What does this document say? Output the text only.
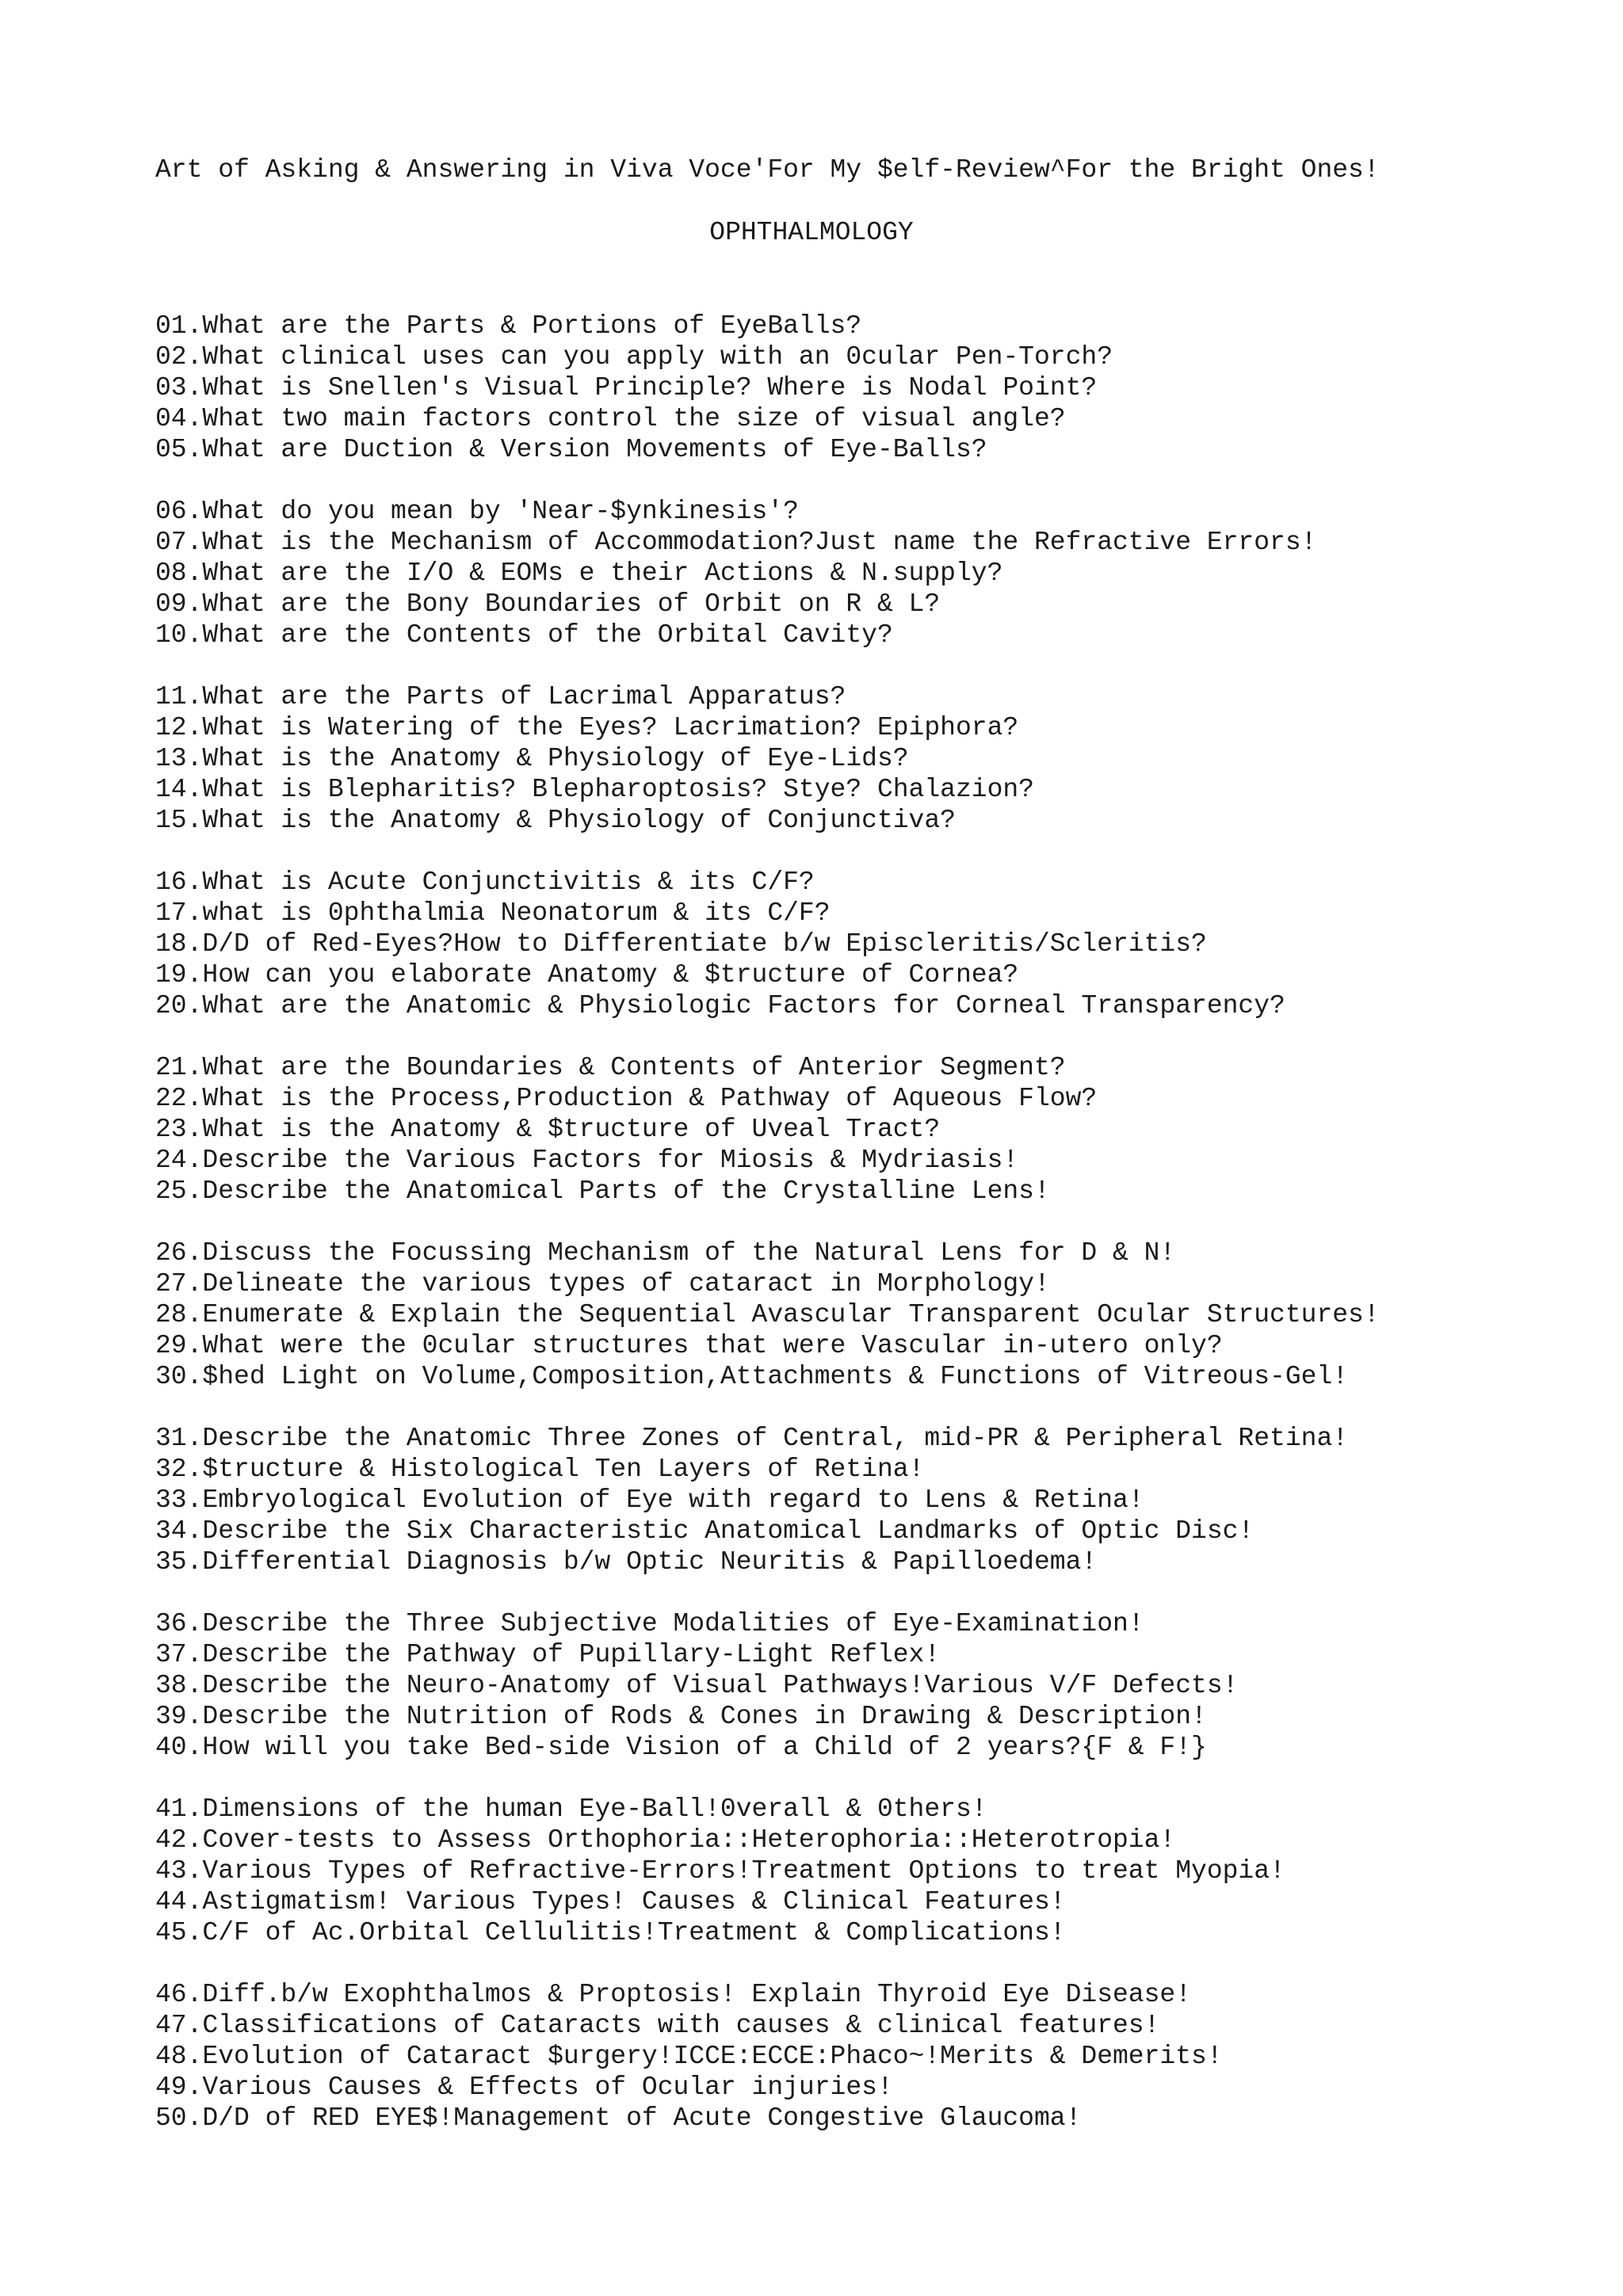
Art of Asking & Answering in Viva Voce'For My $elf-Review^For the Bright Ones!
OPHTHALMOLOGY
01.What are the Parts & Portions of EyeBalls?
02.What clinical uses can you apply with an 0cular Pen-Torch?
03.What is Snellen's Visual Principle? Where is Nodal Point?
04.What two main factors control the size of visual angle?
05.What are Duction & Version Movements of Eye-Balls?
06.What do you mean by 'Near-$ynkinesis'?
07.What is the Mechanism of Accommodation?Just name the Refractive Errors!
08.What are the I/O & EOMs e their Actions & N.supply?
09.What are the Bony Boundaries of Orbit on R & L?
10.What are the Contents of the Orbital Cavity?
11.What are the Parts of Lacrimal Apparatus?
12.What is Watering of the Eyes? Lacrimation? Epiphora?
13.What is the Anatomy & Physiology of Eye-Lids?
14.What is Blepharitis? Blepharoptosis? Stye? Chalazion?
15.What is the Anatomy & Physiology of Conjunctiva?
16.What is Acute Conjunctivitis & its C/F?
17.what is 0phthalmia Neonatorum & its C/F?
18.D/D of Red-Eyes?How to Differentiate b/w Episcleritis/Scleritis?
19.How can you elaborate Anatomy & $tructure of Cornea?
20.What are the Anatomic & Physiologic Factors for Corneal Transparency?
21.What are the Boundaries & Contents of Anterior Segment?
22.What is the Process,Production & Pathway of Aqueous Flow?
23.What is the Anatomy & $tructure of Uveal Tract?
24.Describe the Various Factors for Miosis & Mydriasis!
25.Describe the Anatomical Parts of the Crystalline Lens!
26.Discuss the Focussing Mechanism of the Natural Lens for D & N!
27.Delineate the various types of cataract in Morphology!
28.Enumerate & Explain the Sequential Avascular Transparent Ocular Structures!
29.What were the 0cular structures that were Vascular in-utero only?
30.$hed Light on Volume,Composition,Attachments & Functions of Vitreous-Gel!
31.Describe the Anatomic Three Zones of Central, mid-PR & Peripheral Retina!
32.$tructure & Histological Ten Layers of Retina!
33.Embryological Evolution of Eye with regard to Lens & Retina!
34.Describe the Six Characteristic Anatomical Landmarks of Optic Disc!
35.Differential Diagnosis b/w Optic Neuritis & Papilloedema!
36.Describe the Three Subjective Modalities of Eye-Examination!
37.Describe the Pathway of Pupillary-Light Reflex!
38.Describe the Neuro-Anatomy of Visual Pathways!Various V/F Defects!
39.Describe the Nutrition of Rods & Cones in Drawing & Description!
40.How will you take Bed-side Vision of a Child of 2 years?{F & F!}
41.Dimensions of the human Eye-Ball!0verall & 0thers!
42.Cover-tests to Assess Orthophoria::Heterophoria::Heterotropia!
43.Various Types of Refractive-Errors!Treatment Options to treat Myopia!
44.Astigmatism! Various Types! Causes & Clinical Features!
45.C/F of Ac.Orbital Cellulitis!Treatment & Complications!
46.Diff.b/w Exophthalmos & Proptosis! Explain Thyroid Eye Disease!
47.Classifications of Cataracts with causes & clinical features!
48.Evolution of Cataract $urgery!ICCE:ECCE:Phaco~!Merits & Demerits!
49.Various Causes & Effects of Ocular injuries!
50.D/D of RED EYE$!Management of Acute Congestive Glaucoma!
